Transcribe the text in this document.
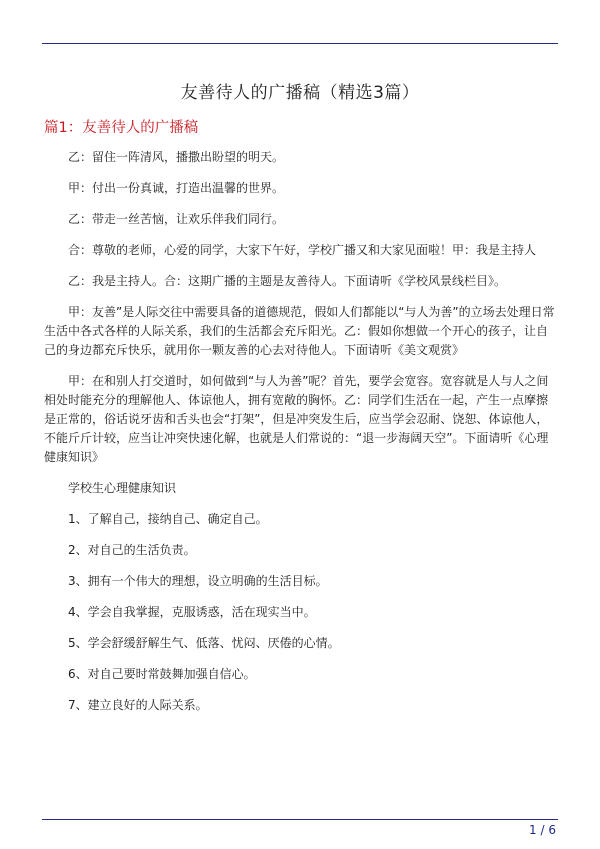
友善待人的广播稿（精选3篇）
篇1：友善待人的广播稿

乙：留住一阵清风，播撒出盼望的明天。

甲：付出一份真诚，打造出温馨的世界。

乙：带走一丝苦恼，让欢乐伴我们同行。

合：尊敬的老师，心爱的同学，大家下午好，学校广播又和大家见面啦！甲：我是主持人

乙：我是主持人。合：这期广播的主题是友善待人。下面请听《学校风景线栏目》。

甲：友善”是人际交往中需要具备的道德规范，假如人们都能以“与人为善”的立场去处理日常生活中各式各样的人际关系，我们的生活都会充斥阳光。乙：假如你想做一个开心的孩子，让自己的身边都充斥快乐，就用你一颗友善的心去对待他人。下面请听《美文观赏》

甲：在和别人打交道时，如何做到“与人为善”呢？首先，要学会宽容。宽容就是人与人之间相处时能充分的理解他人、体谅他人，拥有宽敞的胸怀。乙：同学们生活在一起，产生一点摩擦是正常的，俗话说牙齿和舌头也会“打架”，但是冲突发生后，应当学会忍耐、饶恕、体谅他人，不能斤斤计较，应当让冲突快速化解，也就是人们常说的：“退一步海阔天空”。下面请听《心理健康知识》

学校生心理健康知识

1、了解自己，接纳自己、确定自己。

2、对自己的生活负责。

3、拥有一个伟大的理想，设立明确的生活目标。

4、学会自我掌握，克服诱惑，活在现实当中。

5、学会舒缓舒解生气、低落、忧闷、厌倦的心情。

6、对自己要时常鼓舞加强自信心。

7、建立良好的人际关系。

1 / 6
